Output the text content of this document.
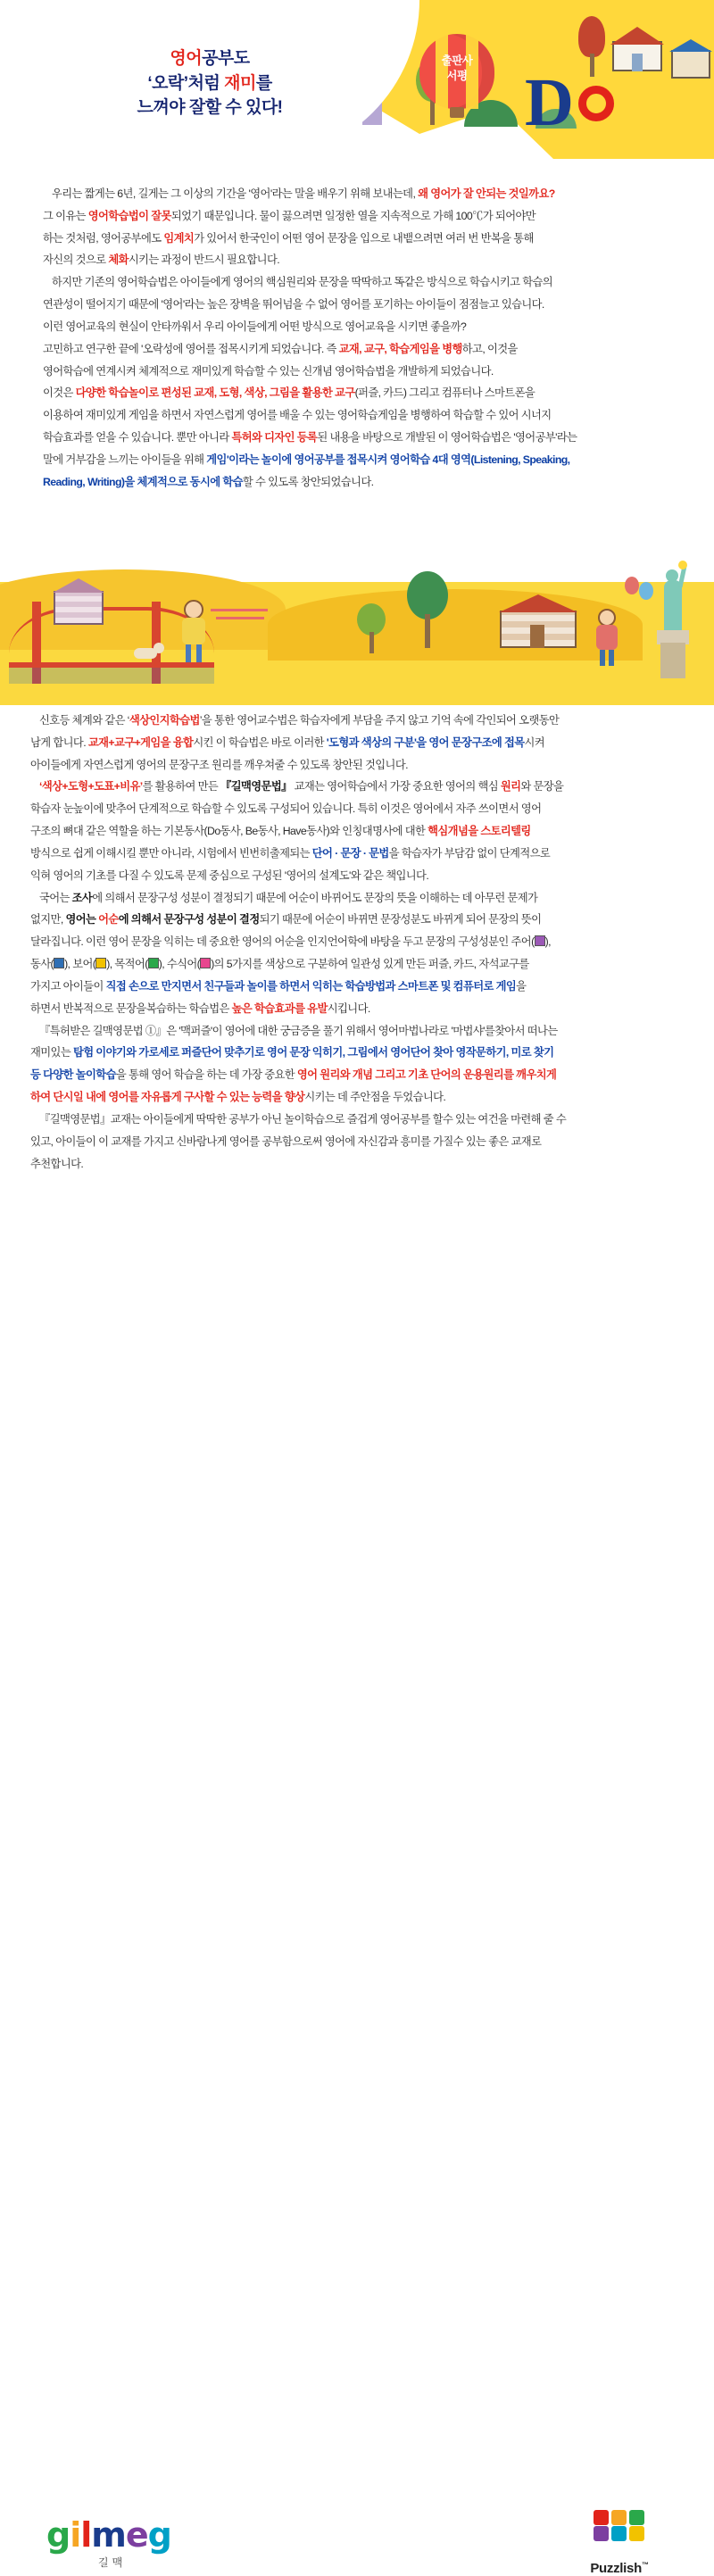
영어공부도
‘오락’처럼 재미를
느껴야 잘할 수 있다!
출판사
서평 D

우리는 짧게는 6년, 길게는 그 이상의 기간을 '영어'라는 말을 배우기 위해 보내는데, 왜 영어가 잘 안되는 것일까요?

그 이유는 영어학습법이 잘못되었기 때문입니다. 물이 끓으려면 일정한 열을 지속적으로 가해 100℃가 되어야만

하는 것처럼, 영어공부에도 임계치가 있어서 한국인이 어떤 영어 문장을 입으로 내뱉으려면 여러 번 반복을 통해

자신의 것으로 체화시키는 과정이 반드시 필요합니다.

하지만 기존의 영어학습법은 아이들에게 영어의 핵심원리와 문장을 딱딱하고 똑같은 방식으로 학습시키고 학습의

연관성이 떨어지기 때문에 '영어'라는 높은 장벽을 뛰어넘을 수 없어 영어를 포기하는 아이들이 점점늘고 있습니다.

이런 영어교육의 현실이 안타까워서 우리 아이들에게 어떤 방식으로 영어교육을 시키면 좋을까?

고민하고 연구한 끝에 '오락성에 영어를 접목시키게 되었습니다. 즉 교재, 교구, 학습게임을 병행하고, 이것을

영어학습에 연계시켜 체계적으로 재미있게 학습할 수 있는 신개념 영어학습법을 개발하게 되었습니다.

이것은 다양한 학습놀이로 편성된 교재, 도형, 색상, 그림을 활용한 교구(퍼즐, 카드) 그리고 컴퓨터나 스마트폰을

이용하여 재미있게 게임을 하면서 자연스럽게 영어를 배울 수 있는 영어학습게임을 병행하여 학습할 수 있어 시너지

학습효과를 얻을 수 있습니다. 뿐만 아니라 특허와 디자인 등록된 내용을 바탕으로 개발된 이 영어학습법은 '영어공부'라는

말에 거부감을 느끼는 아이들을 위해 게임'이라는 놀이에 영어공부를 접목시켜 영어학습 4대 영역(Listening, Speaking,

Reading, Writing)을 체계적으로 동시에 학습할 수 있도록 창안되었습니다.

신호등 체계와 같은 ‘색상인지학습법’을 통한 영어교수법은 학습자에게 부담을 주지 않고 기억 속에 각인되어 오랫동안

남게 합니다. 교재+교구+게임을 융합시킨 이 학습법은 바로 이러한 '도형과 색상의 구분'을 영어 문장구조에 접목시켜

아이들에게 자연스럽게 영어의 문장구조 원리를 깨우쳐줄 수 있도록 창안된 것입니다.

‘색상+도형+도표+비유’를 활용하여 만든 『길맥영문법』 교재는 영어학습에서 가장 중요한 영어의 핵심 원리와 문장을

학습자 눈높이에 맞추어 단계적으로 학습할 수 있도록 구성되어 있습니다. 특히 이것은 영어에서 자주 쓰이면서 영어

구조의 뼈대 같은 역할을 하는 기본동사(Do동사, Be동사, Have동사)와 인칭대명사에 대한 핵심개념을 스토리텔링

방식으로 쉽게 이해시킬 뿐만 아니라, 시험에서 빈번히출제되는 단어 · 문장 · 문법을 학습자가 부담감 없이 단계적으로

익혀 영어의 기초를 다질 수 있도록 문제 중심으로 구성된 '영어의 설계도'와 같은 책입니다.

국어는 조사에 의해서 문장구성 성분이 결정되기 때문에 어순이 바뀌어도 문장의 뜻을 이해하는 데 아무런 문제가

없지만, 영어는 어순에 의해서 문장구성 성분이 결정되기 때문에 어순이 바뀌면 문장성분도 바뀌게 되어 문장의 뜻이

달라집니다. 이런 영어 문장을 익히는 데 중요한 영어의 어순을 인지언어학에 바탕을 두고 문장의 구성성분인 주어( ),

동사( ), 보어( ), 목적어( ), 수식어( )의 5가지를 색상으로 구분하여 일관성 있게 만든 퍼즐, 카드, 자석교구를

가지고 아이들이 직접 손으로 만지면서 친구들과 놀이를 하면서 익히는 학습방법과 스마트폰 및 컴퓨터로 게임을

하면서 반복적으로 문장을복습하는 학습법은 높은 학습효과를 유발시킵니다.

『특허받은 길맥영문법 ①』은 '맥퍼즐'이 영어에 대한 궁금증을 풀기 위해서 영어마법나라로 '마법샤'를찾아서 떠나는

재미있는 탐험 이야기와 가로세로 퍼즐단어 맞추기로 영어 문장 익히기, 그림에서 영어단어 찾아 영작문하기, 미로 찾기

등 다양한 놀이학습을 통해 영어 학습을 하는 데 가장 중요한 영어 원리와 개념 그리고 기초 단어의 운용원리를 깨우치게

하여 단시일 내에 영어를 자유롭게 구사할 수 있는 능력을 향상시키는 데 주안점을 두었습니다.

『길맥영문법』교재는 아이들에게 딱딱한 공부가 아닌 놀이학습으로 즐겁게 영어공부를 할수 있는 여건을 마련해 줄 수

있고, 아이들이 이 교재를 가지고 신바람나게 영어를 공부함으로써 영어에 자신감과 흥미를 가질수 있는 좋은 교재로

추천합니다.

gilmeg
길맥	Puzzlish™
